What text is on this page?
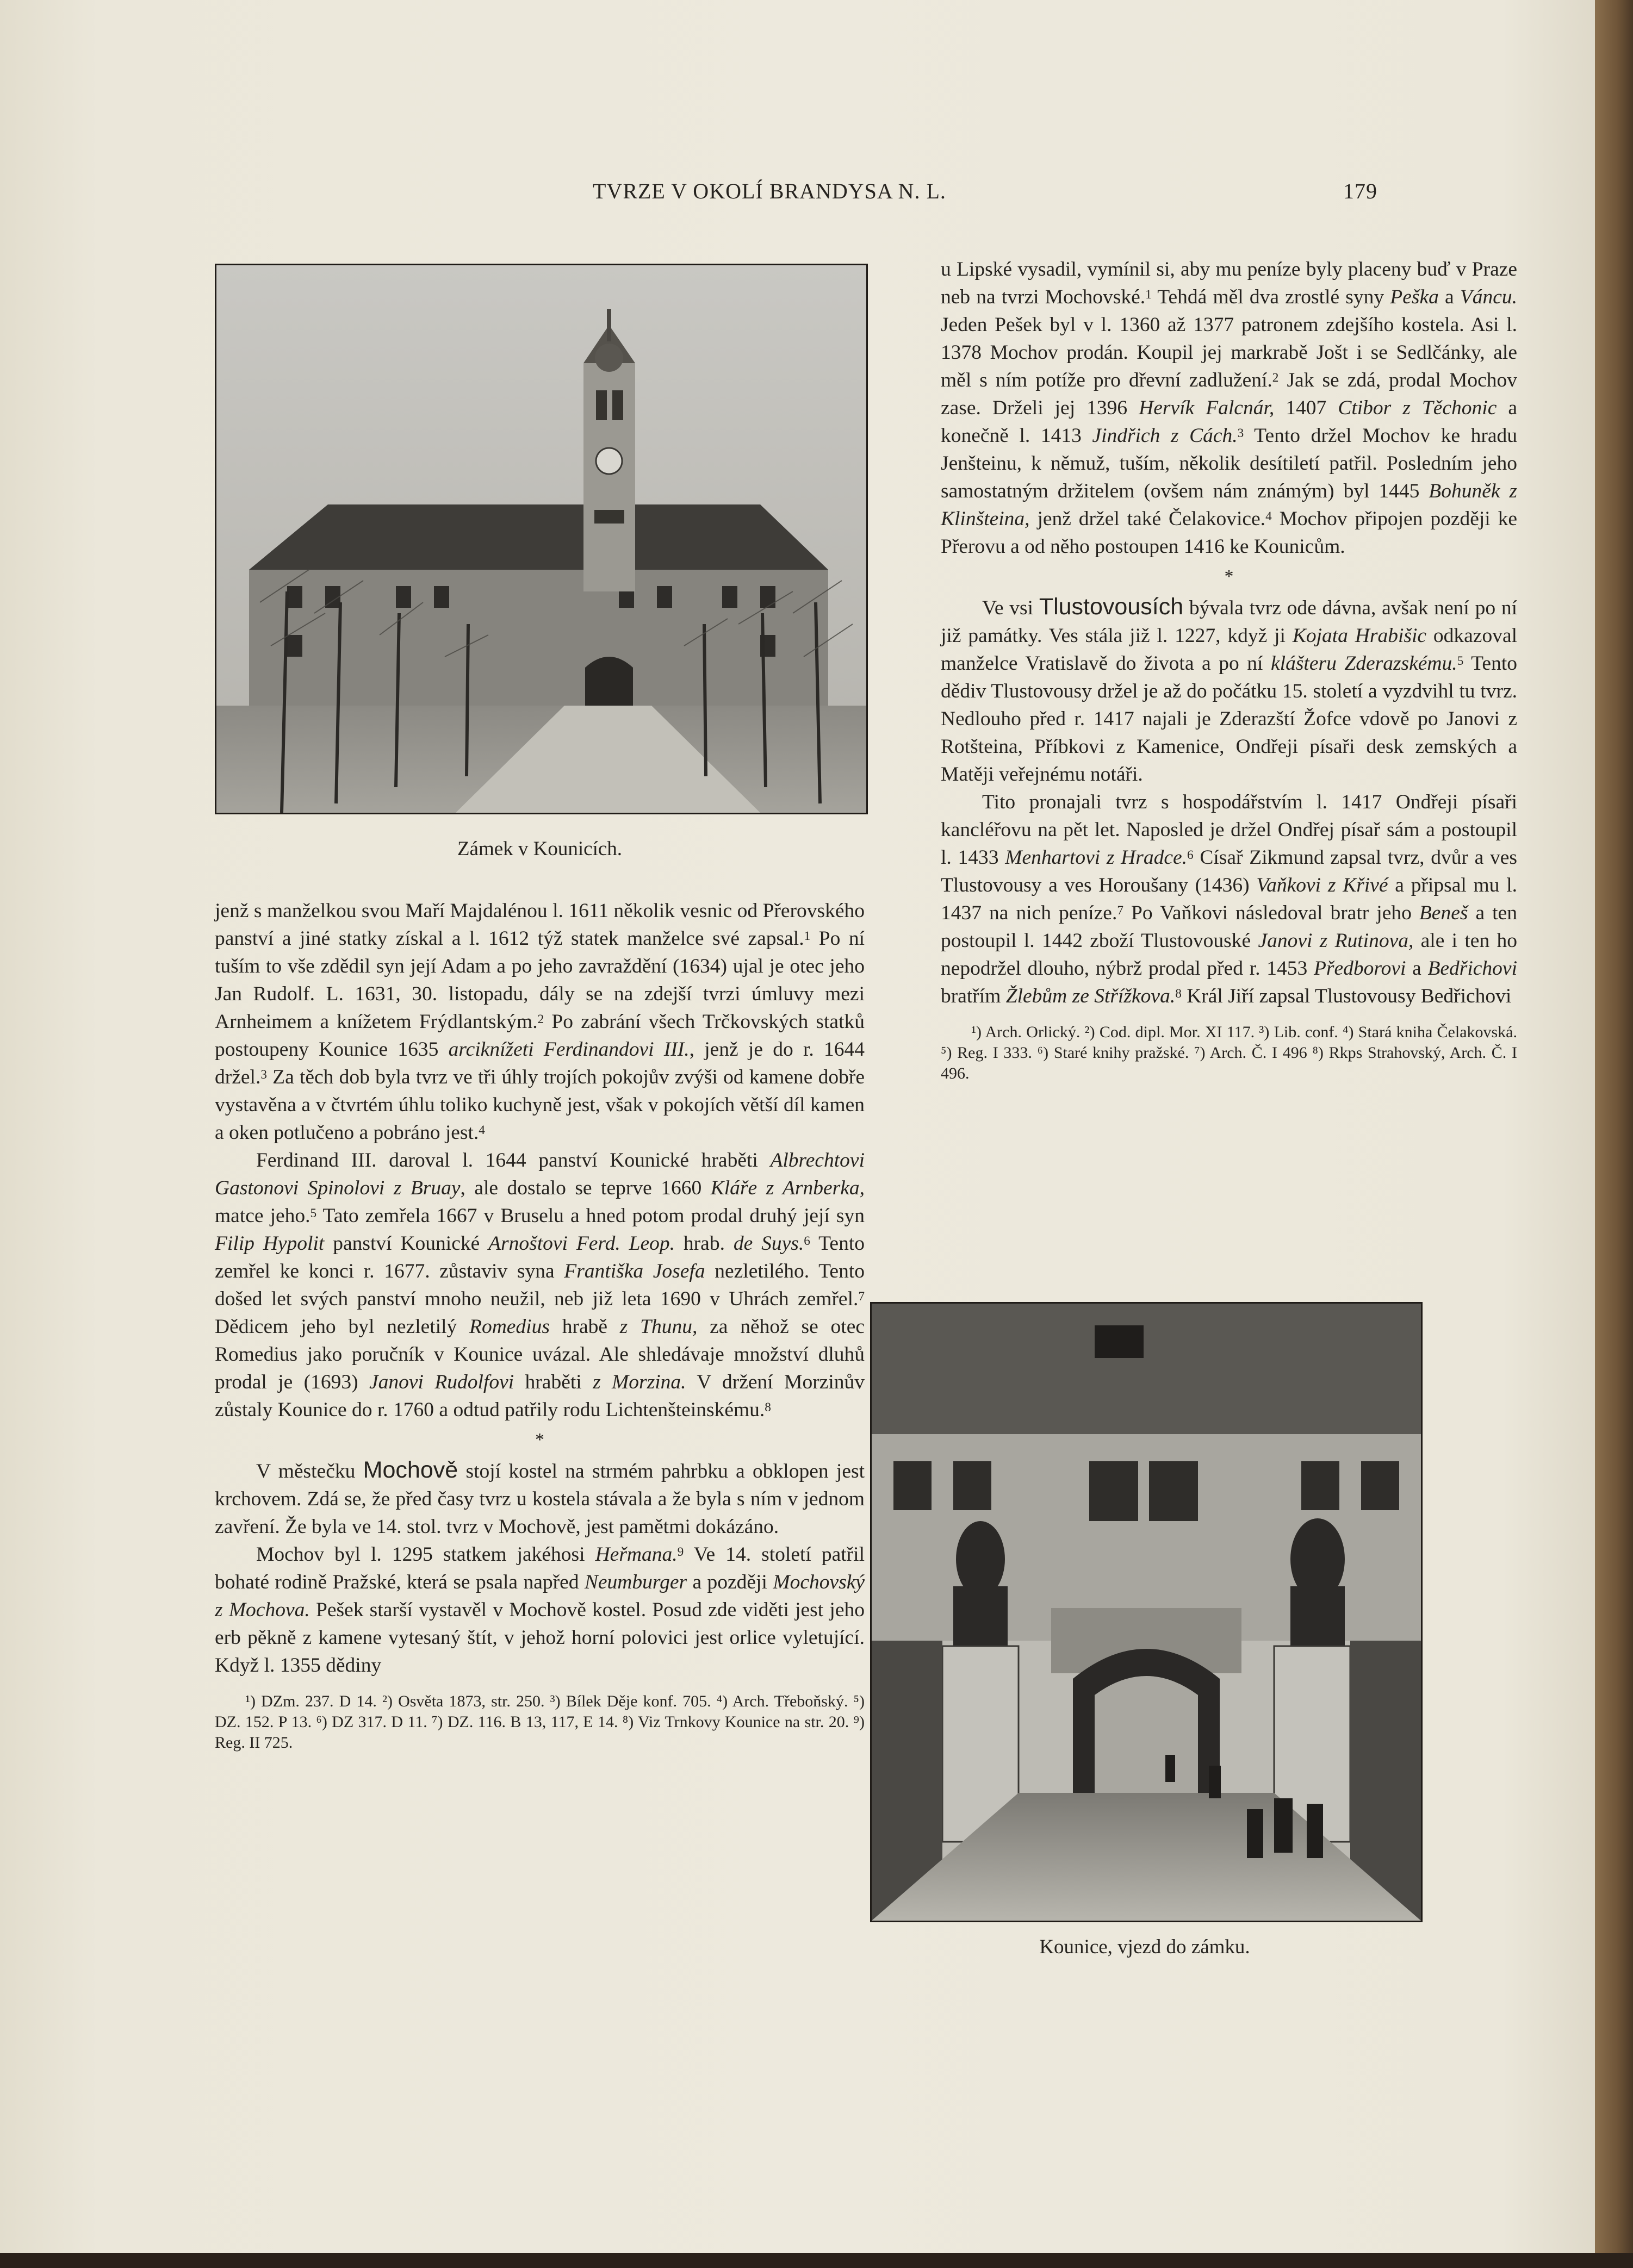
TVRZE V OKOLÍ BRANDYSA N. L.	179
Zámek v Kounicích.

jenž s manželkou svou Maří Majdalénou l. 1611 několik vesnic od Přerovského panství a jiné statky získal a l. 1612 týž statek manželce své zapsal.$^1$ Po ní tuším to vše zdědil syn její Adam a po jeho zavraždění (1634) ujal je otec jeho Jan Rudolf. L. 1631, 30. listopadu, dály se na zdejší tvrzi úmluvy mezi Arnheimem a knížetem Frýdlantským.$^2$ Po zabrání všech Trčkovských statků postoupeny Kounice 1635 arciknížeti Ferdinandovi III., jenž je do r. 1644 držel.$^3$ Za těch dob byla tvrz ve tři úhly trojích pokojův zvýši od kamene dobře vystavěna a v čtvrtém úhlu toliko kuchyně jest, však v pokojích větší díl kamen a oken potlučeno a pobráno jest.$^4$

Ferdinand III. daroval l. 1644 panství Kounické hraběti Albrechtovi Gastonovi Spinolovi z Bruay, ale dostalo se teprve 1660 Kláře z Arnberka, matce jeho.$^5$ Tato zemřela 1667 v Bruselu a hned potom prodal druhý její syn Filip Hypolit panství Kounické Arnoštovi Ferd. Leop. hrab. de Suys.$^6$ Tento zemřel ke konci r. 1677. zůstaviv syna Františka Josefa nezletilého. Tento došed let svých panství mnoho neužil, neb již leta 1690 v Uhrách zemřel.$^7$ Dědicem jeho byl nezletilý Romedius hrabě z Thunu, za něhož se otec Romedius jako poručník v Kounice uvázal. Ale shledávaje množství dluhů prodal je (1693) Janovi Rudolfovi hraběti z Morzina. V držení Morzinův zůstaly Kounice do r. 1760 a odtud patřily rodu Lichtenšteinskému.$^8$

*

V městečku Mochově stojí kostel na strmém pahrbku a obklopen jest krchovem. Zdá se, že před časy tvrz u kostela stávala a že byla s ním v jednom zavření. Že byla ve 14. stol. tvrz v Mochově, jest pamětmi dokázáno.

Mochov byl l. 1295 statkem jakéhosi Heřmana.$^9$ Ve 14. století patřil bohaté rodině Pražské, která se psala napřed Neumburger a později Mochovský z Mochova. Pešek starší vystavěl v Mochově kostel. Posud zde viděti jest jeho erb pěkně z kamene vytesaný štít, v jehož horní polovici jest orlice vyletující. Když l. 1355 dědiny

¹) DZm. 237. D 14. ²) Osvěta 1873, str. 250. ³) Bílek Děje konf. 705. ⁴) Arch. Třeboňský. ⁵) DZ. 152. P 13. ⁶) DZ 317. D 11. ⁷) DZ. 116. B 13, 117, E 14. ⁸) Viz Trnkovy Kounice na str. 20. ⁹) Reg. II 725.

u Lipské vysadil, vymínil si, aby mu peníze byly placeny buď v Praze neb na tvrzi Mochovské.$^1$ Tehdá měl dva zrostlé syny Peška a Váncu. Jeden Pešek byl v l. 1360 až 1377 patronem zdejšího kostela. Asi l. 1378 Mochov prodán. Koupil jej markrabě Jošt i se Sedlčánky, ale měl s ním potíže pro dřevní zadlužení.$^2$ Jak se zdá, prodal Mochov zase. Drželi jej 1396 Hervík Falcnár, 1407 Ctibor z Těchonic a konečně l. 1413 Jindřich z Cách.$^3$ Tento držel Mochov ke hradu Jenšteinu, k němuž, tuším, několik desítiletí patřil. Posledním jeho samostatným držitelem (ovšem nám známým) byl 1445 Bohuněk z Klinšteina, jenž držel také Čelakovice.$^4$ Mochov připojen později ke Přerovu a od něho postoupen 1416 ke Kounicům.

*

Ve vsi Tlustovousích bývala tvrz ode dávna, avšak není po ní již památky. Ves stála již l. 1227, když ji Kojata Hrabišic odkazoval manželce Vratislavě do života a po ní klášteru Zderazskému.$^5$ Tento dědiv Tlustovousy držel je až do počátku 15. století a vyzdvihl tu tvrz. Nedlouho před r. 1417 najali je Zderazští Žofce vdově po Janovi z Rotšteina, Příbkovi z Kamenice, Ondřeji písaři desk zemských a Matěji veřejnému notáři.

Tito pronajali tvrz s hospodářstvím l. 1417 Ondřeji písaři kancléřovu na pět let. Naposled je držel Ondřej písař sám a postoupil l. 1433 Menhartovi z Hradce.$^6$ Císař Zikmund zapsal tvrz, dvůr a ves Tlustovousy a ves Horoušany (1436) Vaňkovi z Křivé a připsal mu l. 1437 na nich peníze.$^7$ Po Vaňkovi následoval bratr jeho Beneš a ten postoupil l. 1442 zboží Tlustovouské Janovi z Rutinova, ale i ten ho nepodržel dlouho, nýbrž prodal před r. 1453 Předborovi a Bedřichovi bratřím Žlebům ze Střížkova.$^8$ Král Jiří zapsal Tlustovousy Bedřichovi

¹) Arch. Orlický. ²) Cod. dipl. Mor. XI 117. ³) Lib. conf. ⁴) Stará kniha Čelakovská. ⁵) Reg. I 333. ⁶) Staré knihy pražské. ⁷) Arch. Č. I 496 ⁸) Rkps Strahovský, Arch. Č. I 496.

Kounice, vjezd do zámku.
